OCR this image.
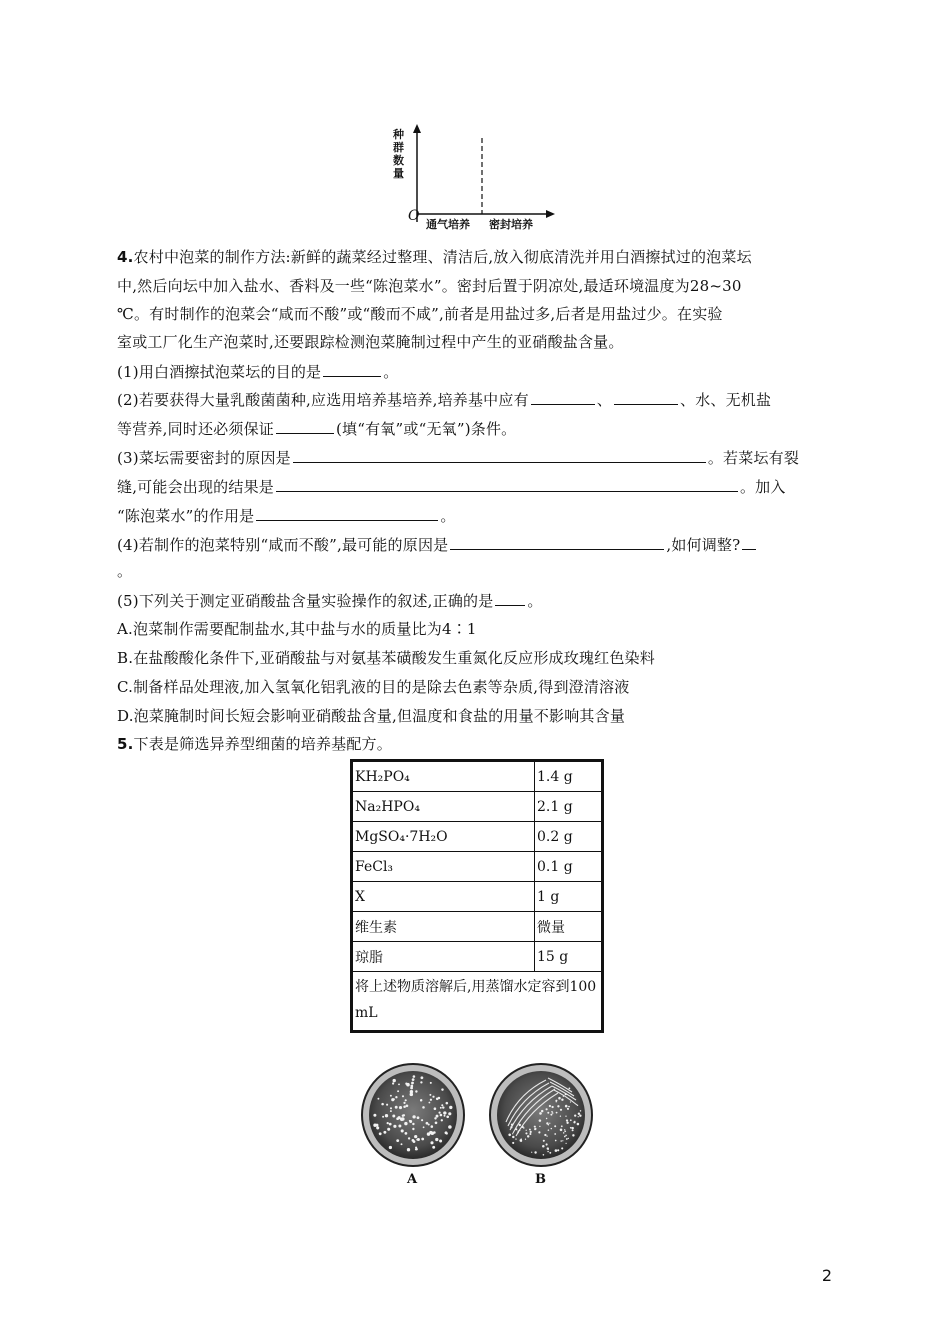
种群数量
O
通气培养 密封培养
4.农村中泡菜的制作方法:新鲜的蔬菜经过整理、清洁后,放入彻底清洗并用白酒擦拭过的泡菜坛
中,然后向坛中加入盐水、香料及一些“陈泡菜水”。密封后置于阴凉处,最适环境温度为28~30
℃。有时制作的泡菜会“咸而不酸”或“酸而不咸”,前者是用盐过多,后者是用盐过少。在实验
室或工厂化生产泡菜时,还要跟踪检测泡菜腌制过程中产生的亚硝酸盐含量。
(1)用白酒擦拭泡菜坛的目的是	。
(2)若要获得大量乳酸菌菌种,应选用培养基培养,培养基中应有	、	、水、无机盐
等营养,同时还必须保证	(填“有氧”或“无氧”)条件。
(3)菜坛需要密封的原因是	。若菜坛有裂
缝,可能会出现的结果是	。加入
“陈泡菜水”的作用是	。
(4)若制作的泡菜特别“咸而不酸”,最可能的原因是	,如何调整?
。
(5)下列关于测定亚硝酸盐含量实验操作的叙述,正确的是 。
A.泡菜制作需要配制盐水,其中盐与水的质量比为4∶1
B.在盐酸酸化条件下,亚硝酸盐与对氨基苯磺酸发生重氮化反应形成玫瑰红色染料
C.制备样品处理液,加入氢氧化铝乳液的目的是除去色素等杂质,得到澄清溶液
D.泡菜腌制时间长短会影响亚硝酸盐含量,但温度和食盐的用量不影响其含量
5.下表是筛选异养型细菌的培养基配方。
KH₂PO₄	1.4 g
Na₂HPO₄	2.1 g
MgSO₄·7H₂O	0.2 g
FeCl₃	0.1 g
X	1 g
维生素	微量
琼脂	15 g
将上述物质溶解后,用蒸馏水定容到100 mL	
A	B
2
